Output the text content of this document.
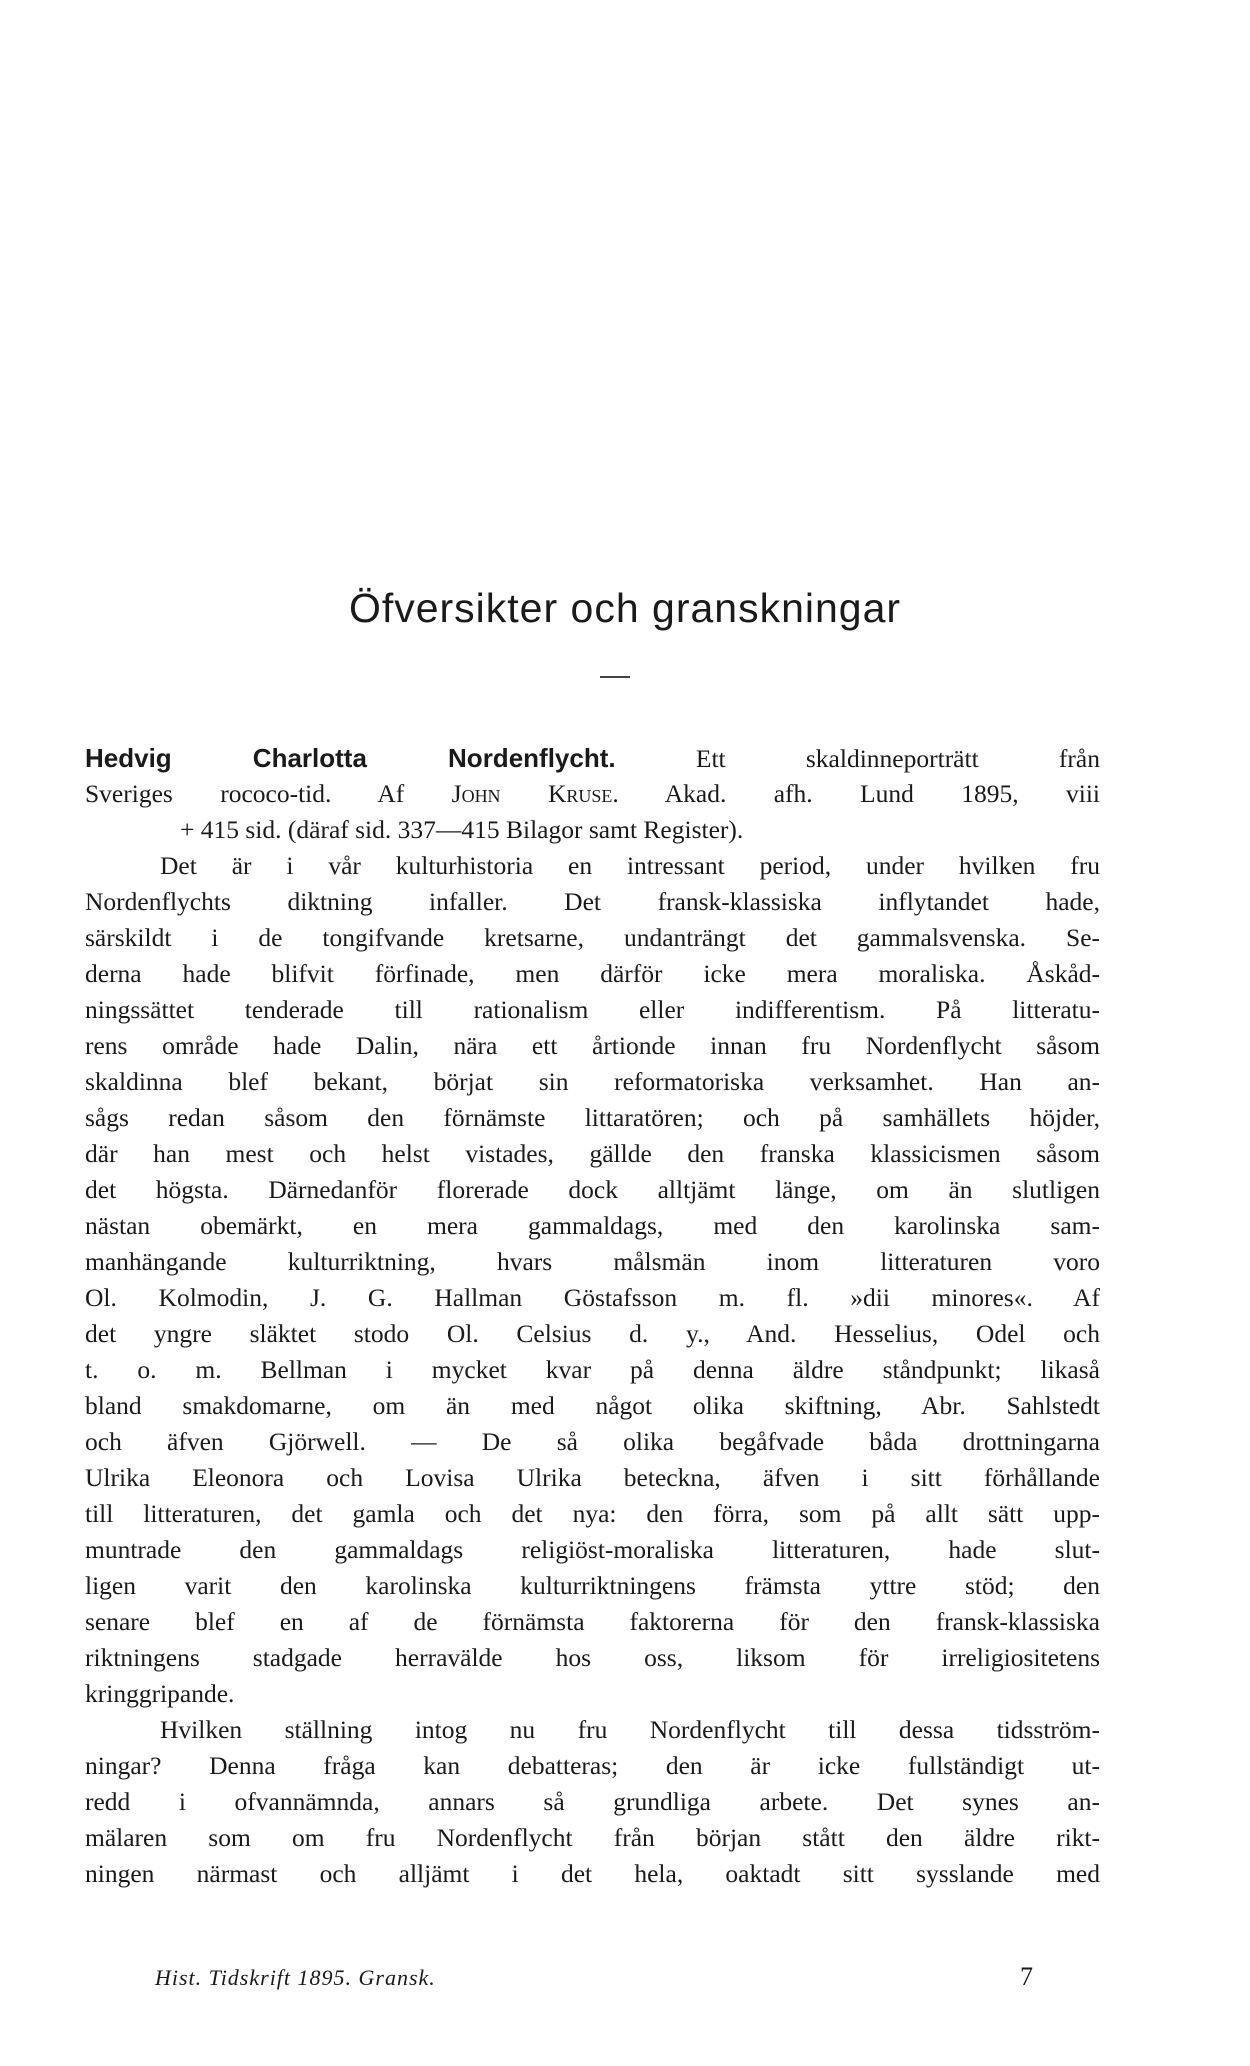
Öfversikter och granskningar
Hedvig Charlotta Nordenflycht. Ett skaldinneporträtt från
Sveriges rococo-tid. Af John Kruse. Akad. afh. Lund 1895, viii
+ 415 sid. (däraf sid. 337—415 Bilagor samt Register).
Det är i vår kulturhistoria en intressant period, under hvilken fru
Nordenflychts diktning infaller. Det fransk-klassiska inflytandet hade,
särskildt i de tongifvande kretsarne, undanträngt det gammalsvenska. Se-
derna hade blifvit förfinade, men därför icke mera moraliska. Åskåd-
ningssättet tenderade till rationalism eller indifferentism. På litteratu-
rens område hade Dalin, nära ett årtionde innan fru Nordenflycht såsom
skaldinna blef bekant, börjat sin reformatoriska verksamhet. Han an-
sågs redan såsom den förnämste littaratören; och på samhällets höjder,
där han mest och helst vistades, gällde den franska klassicismen såsom
det högsta. Därnedanför florerade dock alltjämt länge, om än slutligen
nästan obemärkt, en mera gammaldags, med den karolinska sam-
manhängande kulturriktning, hvars målsmän inom litteraturen voro
Ol. Kolmodin, J. G. Hallman Göstafsson m. fl. »dii minores«. Af
det yngre släktet stodo Ol. Celsius d. y., And. Hesselius, Odel och
t. o. m. Bellman i mycket kvar på denna äldre ståndpunkt; likaså
bland smakdomarne, om än med något olika skiftning, Abr. Sahlstedt
och äfven Gjörwell. — De så olika begåfvade båda drottningarna
Ulrika Eleonora och Lovisa Ulrika beteckna, äfven i sitt förhållande
till litteraturen, det gamla och det nya: den förra, som på allt sätt upp-
muntrade den gammaldags religiöst-moraliska litteraturen, hade slut-
ligen varit den karolinska kulturriktningens främsta yttre stöd; den
senare blef en af de förnämsta faktorerna för den fransk-klassiska
riktningens stadgade herravälde hos oss, liksom för irreligiositetens
kringgripande.
Hvilken ställning intog nu fru Nordenflycht till dessa tidsström-
ningar? Denna fråga kan debatteras; den är icke fullständigt ut-
redd i ofvannämnda, annars så grundliga arbete. Det synes an-
mälaren som om fru Nordenflycht från början stått den äldre rikt-
ningen närmast och alljämt i det hela, oaktadt sitt sysslande med
Hist. Tidskrift 1895. Gransk.	7
